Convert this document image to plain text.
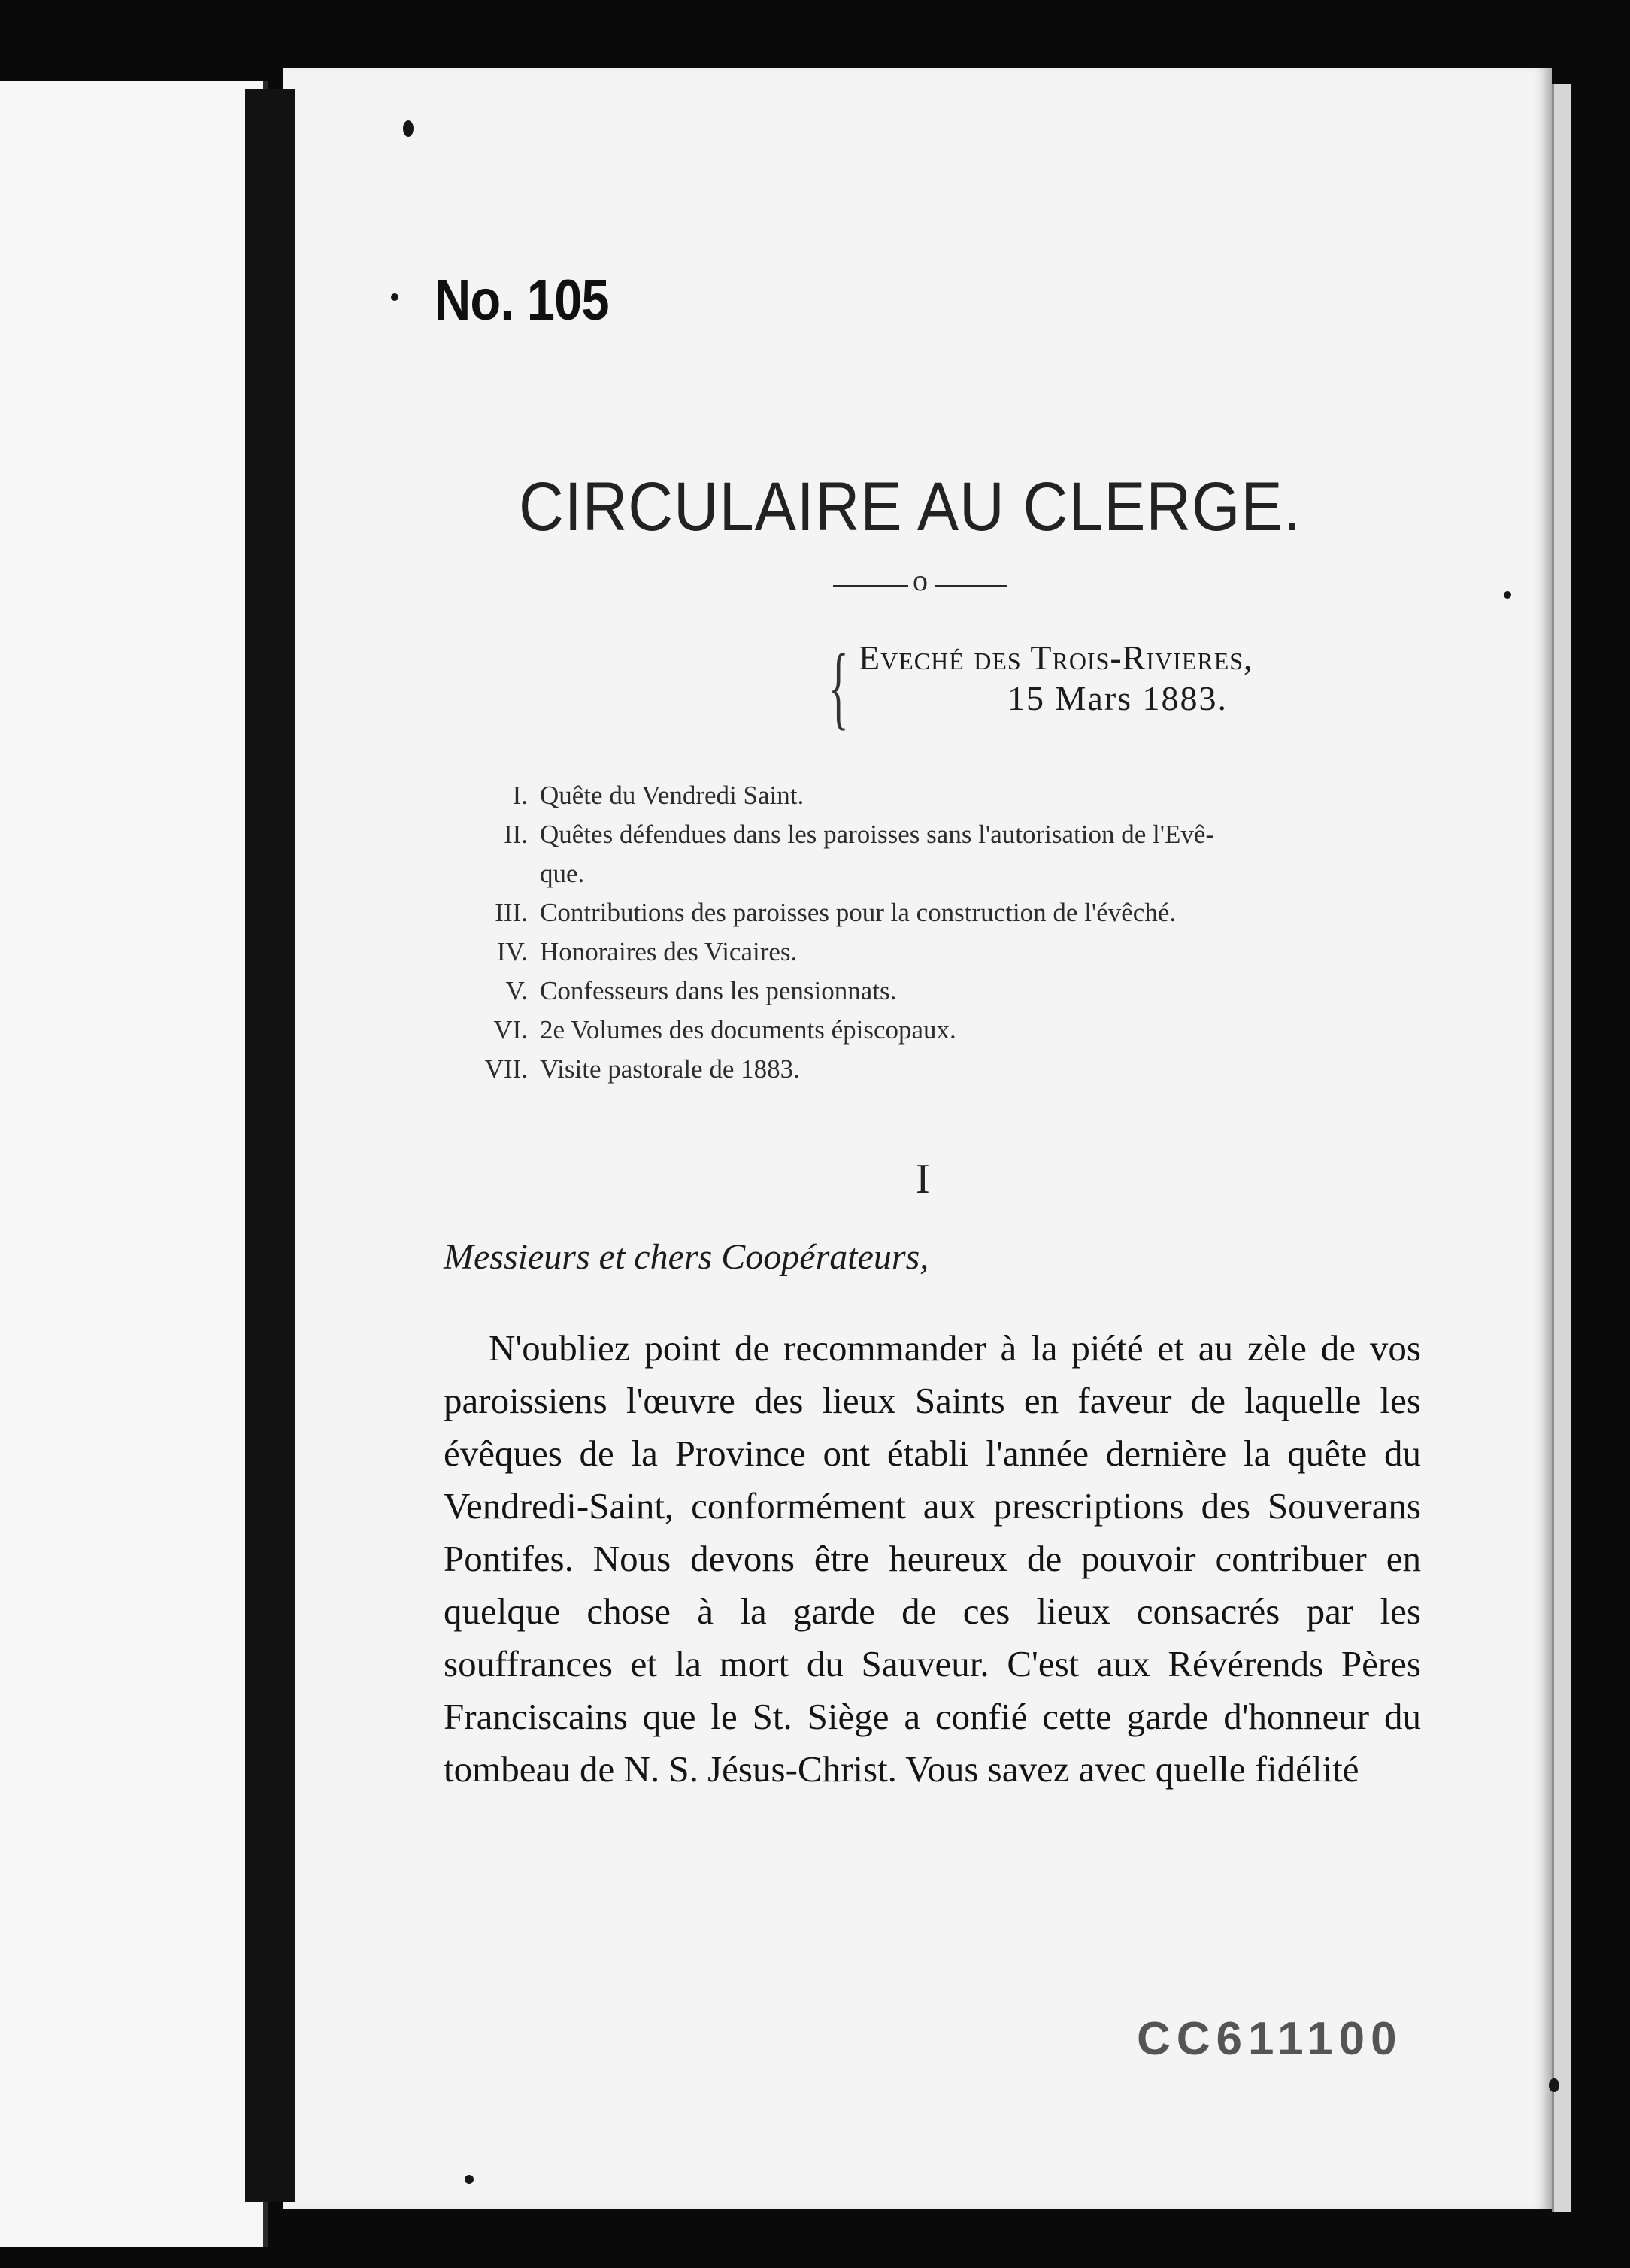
No. 105
CIRCULAIRE AU CLERGE.
o
{ Eveché des Trois-Rivieres,
15 Mars 1883.
I. Quête du Vendredi Saint.
II. Quêtes défendues dans les paroisses sans l'autorisation de l'Evê-
que.
III. Contributions des paroisses pour la construction de l'évêché.
IV. Honoraires des Vicaires.
V. Confesseurs dans les pensionnats.
VI. 2e Volumes des documents épiscopaux.
VII. Visite pastorale de 1883.
I
Messieurs et chers Coopérateurs,

N'oubliez point de recommander à la piété et au zèle de vos paroissiens l'œuvre des lieux Saints en faveur de laquelle les évêques de la Province ont établi l'année dernière la quête du Vendredi-Saint, conformément aux prescriptions des Souverans Pontifes. Nous devons être heureux de pouvoir contribuer en quelque chose à la garde de ces lieux consacrés par les souffrances et la mort du Sauveur. C'est aux Révérends Pères Franciscains que le St. Siège a confié cette garde d'honneur du tombeau de N. S. Jésus-Christ. Vous savez avec quelle fidélité

CC611100
